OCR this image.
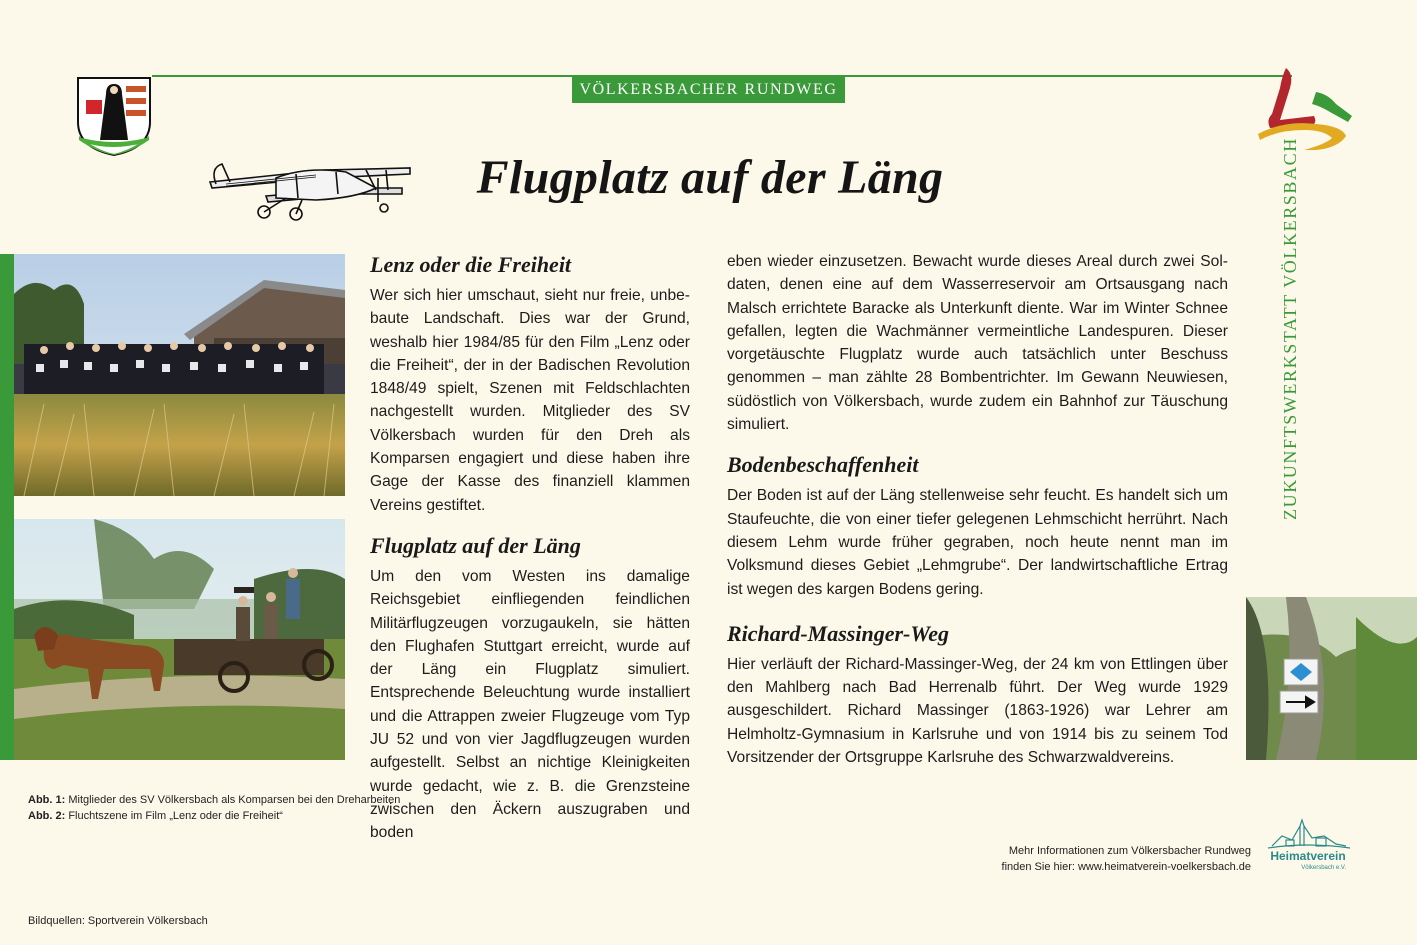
VÖLKERSBACHER RUNDWEG
Flugplatz auf der Läng	ZUKUNFTSWERKSTATT VÖLKERSBACH
Lenz oder die Freiheit

Wer sich hier umschaut, sieht nur freie, unbebaute Landschaft. Dies war der Grund, weshalb hier 1984/85 für den Film „Lenz oder die Freiheit“, der in der Badischen Revolution 1848/49 spielt, Szenen mit Feldschlachten nachgestellt wurden. Mitglieder des SV Völkersbach wurden für den Dreh als Komparsen engagiert und diese haben ihre Gage der Kasse des finanziell klammen Vereins gestiftet.

Flugplatz auf der Läng

Um den vom Westen ins damalige Reichsgebiet einfliegenden feindlichen Militärflugzeugen vorzugaukeln, sie hätten den Flughafen Stuttgart erreicht, wurde auf der Läng ein Flugplatz simuliert. Entsprechende Beleuchtung wurde installiert und die Attrappen zweier Flugzeuge vom Typ JU 52 und von vier Jagdflugzeugen wurden aufgestellt. Selbst an nichtige Kleinigkeiten wurde gedacht, wie z. B. die Grenzsteine zwischen den Äckern auszugraben und boden

eben wieder einzusetzen. Bewacht wurde dieses Areal durch zwei Soldaten, denen eine auf dem Wasserreservoir am Ortsausgang nach Malsch errichtete Baracke als Unterkunft diente. War im Winter Schnee gefallen, legten die Wachmänner vermeintliche Landespuren. Dieser vorgetäuschte Flugplatz wurde auch tatsächlich unter Beschuss genommen – man zählte 28 Bombentrichter. Im Gewann Neuwiesen, südöstlich von Völkersbach, wurde zudem ein Bahnhof zur Täuschung simuliert.

Bodenbeschaffenheit

Der Boden ist auf der Läng stellenweise sehr feucht. Es handelt sich um Staufeuchte, die von einer tiefer gelegenen Lehmschicht herrührt. Nach diesem Lehm wurde früher gegraben, noch heute nennt man im Volksmund dieses Gebiet „Lehmgrube“. Der landwirtschaftliche Ertrag ist wegen des kargen Bodens gering.

Richard-Massinger-Weg

Hier verläuft der Richard-Massinger-Weg, der 24 km von Ettlingen über den Mahlberg nach Bad Herrenalb führt. Der Weg wurde 1929 ausgeschildert. Richard Massinger (1863-1926) war Lehrer am Helmholtz-Gymnasium in Karlsruhe und von 1914 bis zu seinem Tod Vorsitzender der Ortsgruppe Karlsruhe des Schwarzwaldvereins.

Abb. 1: Mitglieder des SV Völkersbach als Komparsen bei den Dreharbeiten
Abb. 2: Fluchtszene im Film „Lenz oder die Freiheit“
Bildquellen: Sportverein Völkersbach
Mehr Informationen zum Völkersbacher Rundweg
finden Sie hier: www.heimatverein-voelkersbach.de
Heimatverein
Völkersbach e.V.
